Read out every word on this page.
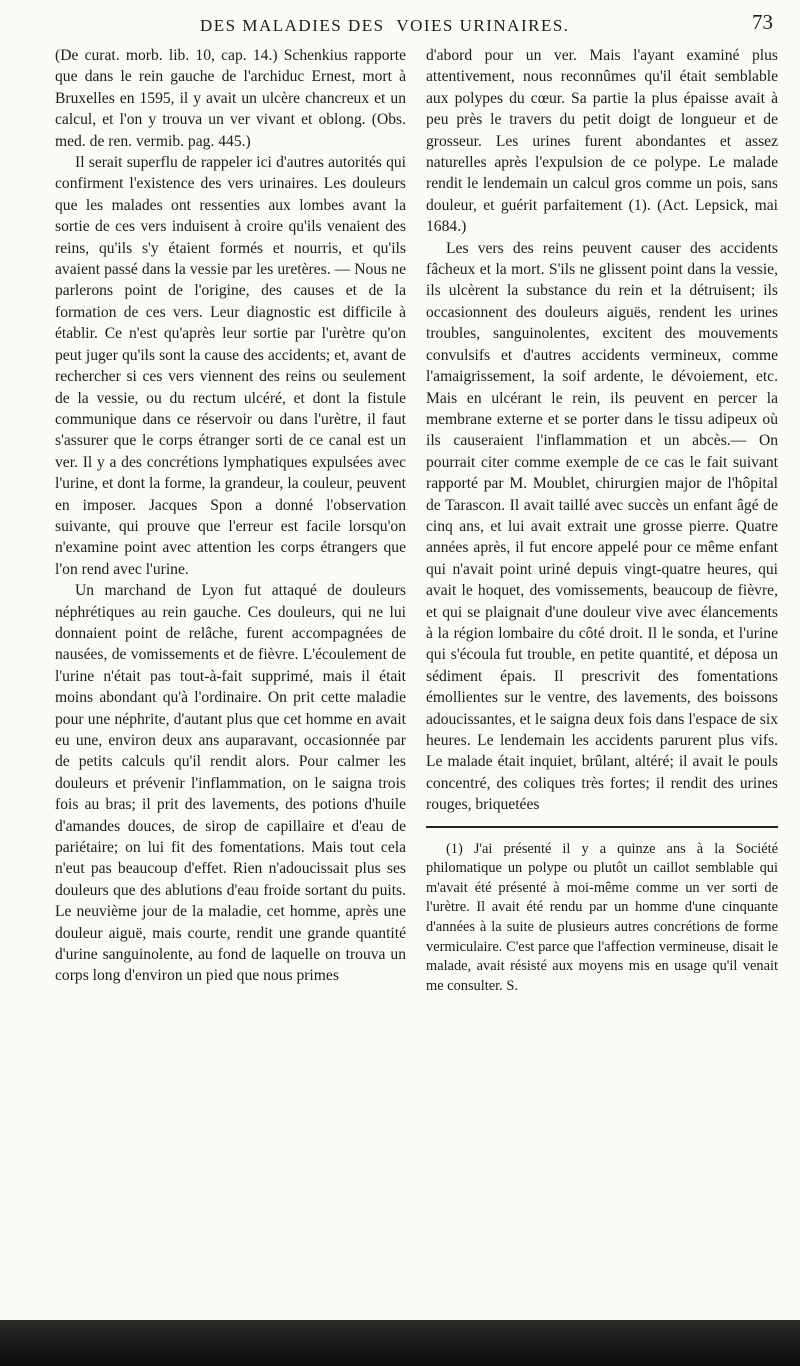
DES MALADIES DES VOIES URINAIRES.	73

(De curat. morb. lib. 10, cap. 14.) Schenkius rapporte que dans le rein gauche de l'archiduc Ernest, mort à Bruxelles en 1595, il y avait un ulcère chancreux et un calcul, et l'on y trouva un ver vivant et oblong. (Obs. med. de ren. vermib. pag. 445.)

Il serait superflu de rappeler ici d'autres autorités qui confirment l'existence des vers urinaires. Les douleurs que les malades ont ressenties aux lombes avant la sortie de ces vers induisent à croire qu'ils venaient des reins, qu'ils s'y étaient formés et nourris, et qu'ils avaient passé dans la vessie par les uretères. — Nous ne parlerons point de l'origine, des causes et de la formation de ces vers. Leur diagnostic est difficile à établir. Ce n'est qu'après leur sortie par l'urètre qu'on peut juger qu'ils sont la cause des accidents; et, avant de rechercher si ces vers viennent des reins ou seulement de la vessie, ou du rectum ulcéré, et dont la fistule communique dans ce réservoir ou dans l'urètre, il faut s'assurer que le corps étranger sorti de ce canal est un ver. Il y a des concrétions lymphatiques expulsées avec l'urine, et dont la forme, la grandeur, la couleur, peuvent en imposer. Jacques Spon a donné l'observation suivante, qui prouve que l'erreur est facile lorsqu'on n'examine point avec attention les corps étrangers que l'on rend avec l'urine.

Un marchand de Lyon fut attaqué de douleurs néphrétiques au rein gauche. Ces douleurs, qui ne lui donnaient point de relâche, furent accompagnées de nausées, de vomissements et de fièvre. L'écoulement de l'urine n'était pas tout-à-fait supprimé, mais il était moins abondant qu'à l'ordinaire. On prit cette maladie pour une néphrite, d'autant plus que cet homme en avait eu une, environ deux ans auparavant, occasionnée par de petits calculs qu'il rendit alors. Pour calmer les douleurs et prévenir l'inflammation, on le saigna trois fois au bras; il prit des lavements, des potions d'huile d'amandes douces, de sirop de capillaire et d'eau de pariétaire; on lui fit des fomentations. Mais tout cela n'eut pas beaucoup d'effet. Rien n'adoucissait plus ses douleurs que des ablutions d'eau froide sortant du puits. Le neuvième jour de la maladie, cet homme, après une douleur aiguë, mais courte, rendit une grande quantité d'urine sanguinolente, au fond de laquelle on trouva un corps long d'environ un pied que nous primes

d'abord pour un ver. Mais l'ayant examiné plus attentivement, nous reconnûmes qu'il était semblable aux polypes du cœur. Sa partie la plus épaisse avait à peu près le travers du petit doigt de longueur et de grosseur. Les urines furent abondantes et assez naturelles après l'expulsion de ce polype. Le malade rendit le lendemain un calcul gros comme un pois, sans douleur, et guérit parfaitement (1). (Act. Lepsick, mai 1684.)

Les vers des reins peuvent causer des accidents fâcheux et la mort. S'ils ne glissent point dans la vessie, ils ulcèrent la substance du rein et la détruisent; ils occasionnent des douleurs aiguës, rendent les urines troubles, sanguinolentes, excitent des mouvements convulsifs et d'autres accidents vermineux, comme l'amaigrissement, la soif ardente, le dévoiement, etc. Mais en ulcérant le rein, ils peuvent en percer la membrane externe et se porter dans le tissu adipeux où ils causeraient l'inflammation et un abcès.— On pourrait citer comme exemple de ce cas le fait suivant rapporté par M. Moublet, chirurgien major de l'hôpital de Tarascon. Il avait taillé avec succès un enfant âgé de cinq ans, et lui avait extrait une grosse pierre. Quatre années après, il fut encore appelé pour ce même enfant qui n'avait point uriné depuis vingt-quatre heures, qui avait le hoquet, des vomissements, beaucoup de fièvre, et qui se plaignait d'une douleur vive avec élancements à la région lombaire du côté droit. Il le sonda, et l'urine qui s'écoula fut trouble, en petite quantité, et déposa un sédiment épais. Il prescrivit des fomentations émollientes sur le ventre, des lavements, des boissons adoucissantes, et le saigna deux fois dans l'espace de six heures. Le lendemain les accidents parurent plus vifs. Le malade était inquiet, brûlant, altéré; il avait le pouls concentré, des coliques très fortes; il rendit des urines rouges, briquetées

(1) J'ai présenté il y a quinze ans à la Société philomatique un polype ou plutôt un caillot semblable qui m'avait été présenté à moi-même comme un ver sorti de l'urètre. Il avait été rendu par un homme d'une cinquante d'années à la suite de plusieurs autres concrétions de forme vermiculaire. C'est parce que l'affection vermineuse, disait le malade, avait résisté aux moyens mis en usage qu'il venait me consulter. S.
